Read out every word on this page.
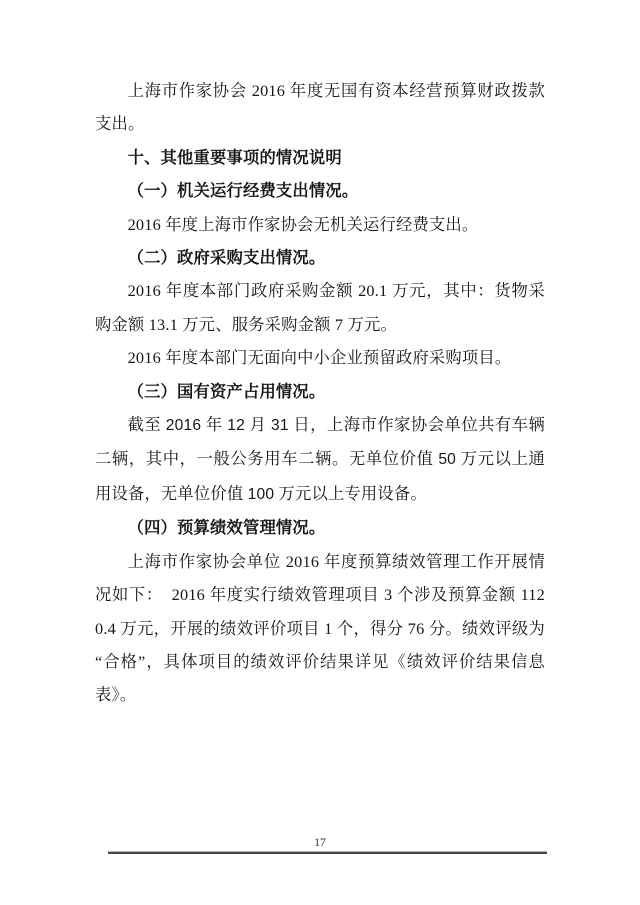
上海市作家协会 2016 年度无国有资本经营预算财政拨款支出。

十、其他重要事项的情况说明

（一）机关运行经费支出情况。

2016 年度上海市作家协会无机关运行经费支出。

（二）政府采购支出情况。

2016 年度本部门政府采购金额 20.1 万元，其中：货物采购金额 13.1 万元、服务采购金额 7 万元。

2016 年度本部门无面向中小企业预留政府采购项目。

（三）国有资产占用情况。

截至 2016 年 12 月 31 日，上海市作家协会单位共有车辆二辆，其中，一般公务用车二辆。无单位价值 50 万元以上通用设备，无单位价值 100 万元以上专用设备。

（四）预算绩效管理情况。

上海市作家协会单位 2016 年度预算绩效管理工作开展情况如下：　2016 年度实行绩效管理项目 3 个涉及预算金额 1120.4 万元，开展的绩效评价项目 1 个，得分 76 分。绩效评级为“合格”，具体项目的绩效评价结果详见《绩效评价结果信息表》。

17
